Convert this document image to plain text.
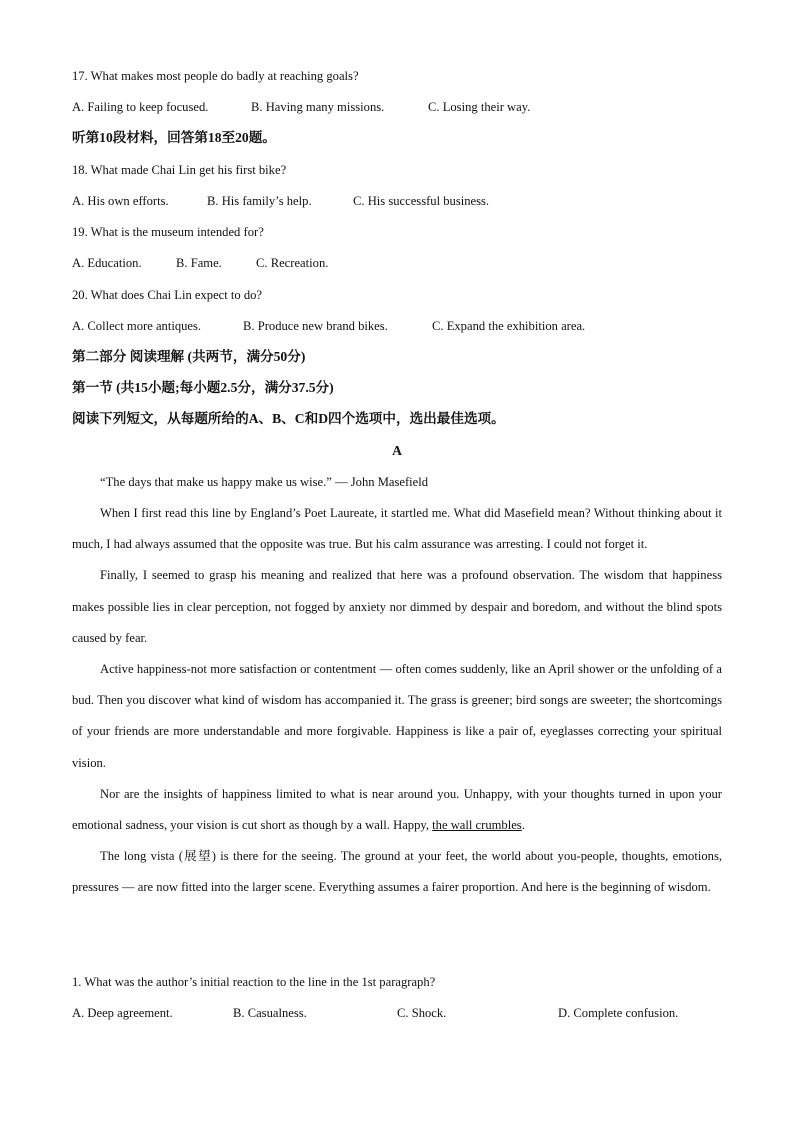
17. What makes most people do badly at reaching goals?
A. Failing to keep focused.	B. Having many missions.	C. Losing their way.
听第10段材料，回答第18至20题。
18. What made Chai Lin get his first bike?
A. His own efforts.	B. His family’s help.	C. His successful business.
19. What is the museum intended for?
A. Education.	B. Fame.	C. Recreation.
20. What does Chai Lin expect to do?
A. Collect more antiques.	B. Produce new brand bikes.	C. Expand the exhibition area.
第二部分 阅读理解 (共两节，满分50分)
第一节 (共15小题;每小题2.5分，满分37.5分)
阅读下列短文，从每题所给的A、B、C和D四个选项中，选出最佳选项。
A
“The days that make us happy make us wise.” — John Masefield

When I first read this line by England’s Poet Laureate, it startled me. What did Masefield mean? Without thinking about it much, I had always assumed that the opposite was true. But his calm assurance was arresting. I could not forget it.

Finally, I seemed to grasp his meaning and realized that here was a profound observation. The wisdom that happiness makes possible lies in clear perception, not fogged by anxiety nor dimmed by despair and boredom, and without the blind spots caused by fear.

Active happiness-not more satisfaction or contentment — often comes suddenly, like an April shower or the unfolding of a bud. Then you discover what kind of wisdom has accompanied it. The grass is greener; bird songs are sweeter; the shortcomings of your friends are more understandable and more forgivable. Happiness is like a pair of, eyeglasses correcting your spiritual vision.

Nor are the insights of happiness limited to what is near around you. Unhappy, with your thoughts turned in upon your emotional sadness, your vision is cut short as though by a wall. Happy, the wall crumbles.

The long vista (展望) is there for the seeing. The ground at your feet, the world about you-people, thoughts, emotions, pressures — are now fitted into the larger scene. Everything assumes a fairer proportion. And here is the beginning of wisdom.

1. What was the author’s initial reaction to the line in the 1st paragraph?
A. Deep agreement.	B. Casualness.	C. Shock.	D. Complete confusion.
